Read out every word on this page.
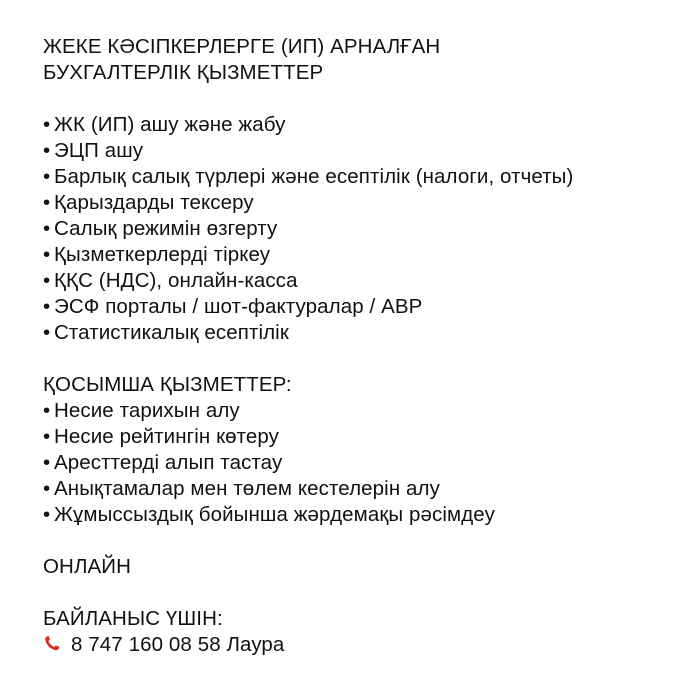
ЖЕКЕ КӘСІПКЕРЛЕРГЕ (ИП) АРНАЛҒАН
БУХГАЛТЕРЛІК ҚЫЗМЕТТЕР
• ЖК (ИП) ашу және жабу
• ЭЦП ашу
• Барлық салық түрлері және есептілік (налоги, отчеты)
• Қарыздарды тексеру
• Салық режимін өзгерту
• Қызметкерлерді тіркеу
• ҚҚС (НДС), онлайн-касса
• ЭСФ порталы / шот-фактуралар / АВР
• Статистикалық есептілік
ҚОСЫМША ҚЫЗМЕТТЕР:
• Несие тарихын алу
• Несие рейтингін көтеру
• Аресттерді алып тастау
• Анықтамалар мен төлем кестелерін алу
• Жұмыссыздық бойынша жәрдемақы рәсімдеу
ОНЛАЙН
БАЙЛАНЫС ҮШІН:
8 747 160 08 58 Лаура
